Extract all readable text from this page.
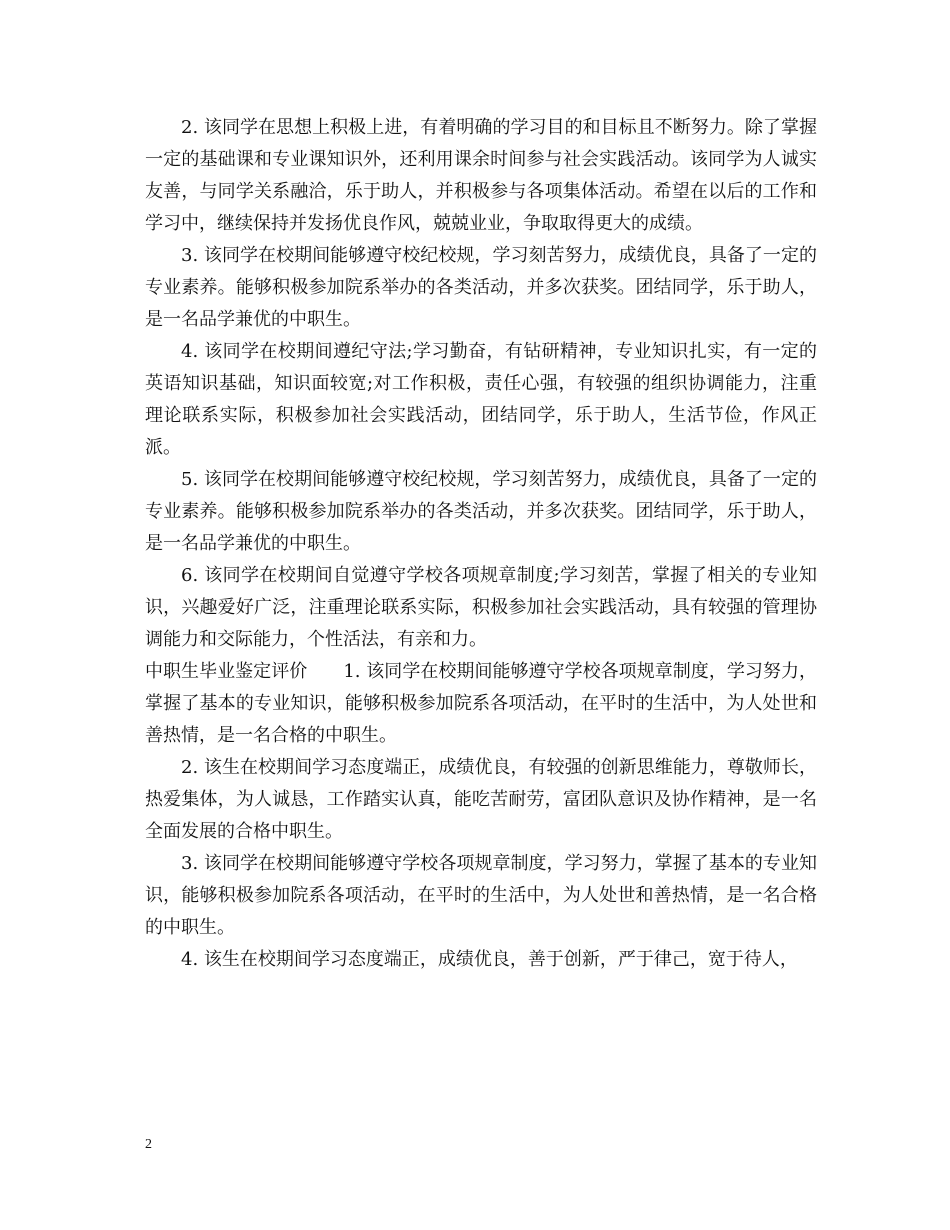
2. 该同学在思想上积极上进，有着明确的学习目的和目标且不断努力。除了掌握一定的基础课和专业课知识外，还利用课余时间参与社会实践活动。该同学为人诚实友善，与同学关系融洽，乐于助人，并积极参与各项集体活动。希望在以后的工作和学习中，继续保持并发扬优良作风，兢兢业业，争取取得更大的成绩。

3. 该同学在校期间能够遵守校纪校规，学习刻苦努力，成绩优良，具备了一定的专业素养。能够积极参加院系举办的各类活动，并多次获奖。团结同学，乐于助人，是一名品学兼优的中职生。

4. 该同学在校期间遵纪守法;学习勤奋，有钻研精神，专业知识扎实，有一定的英语知识基础，知识面较宽;对工作积极，责任心强，有较强的组织协调能力，注重理论联系实际，积极参加社会实践活动，团结同学，乐于助人，生活节俭，作风正派。

5. 该同学在校期间能够遵守校纪校规，学习刻苦努力，成绩优良，具备了一定的专业素养。能够积极参加院系举办的各类活动，并多次获奖。团结同学，乐于助人，是一名品学兼优的中职生。

6. 该同学在校期间自觉遵守学校各项规章制度;学习刻苦，掌握了相关的专业知识，兴趣爱好广泛，注重理论联系实际，积极参加社会实践活动，具有较强的管理协调能力和交际能力，个性活法，有亲和力。

中职生毕业鉴定评价　　1. 该同学在校期间能够遵守学校各项规章制度，学习努力，掌握了基本的专业知识，能够积极参加院系各项活动，在平时的生活中，为人处世和善热情，是一名合格的中职生。

2. 该生在校期间学习态度端正，成绩优良，有较强的创新思维能力，尊敬师长，热爱集体，为人诚恳，工作踏实认真，能吃苦耐劳，富团队意识及协作精神，是一名全面发展的合格中职生。

3. 该同学在校期间能够遵守学校各项规章制度，学习努力，掌握了基本的专业知识，能够积极参加院系各项活动，在平时的生活中，为人处世和善热情，是一名合格的中职生。

4. 该生在校期间学习态度端正，成绩优良，善于创新，严于律己，宽于待人，

2
